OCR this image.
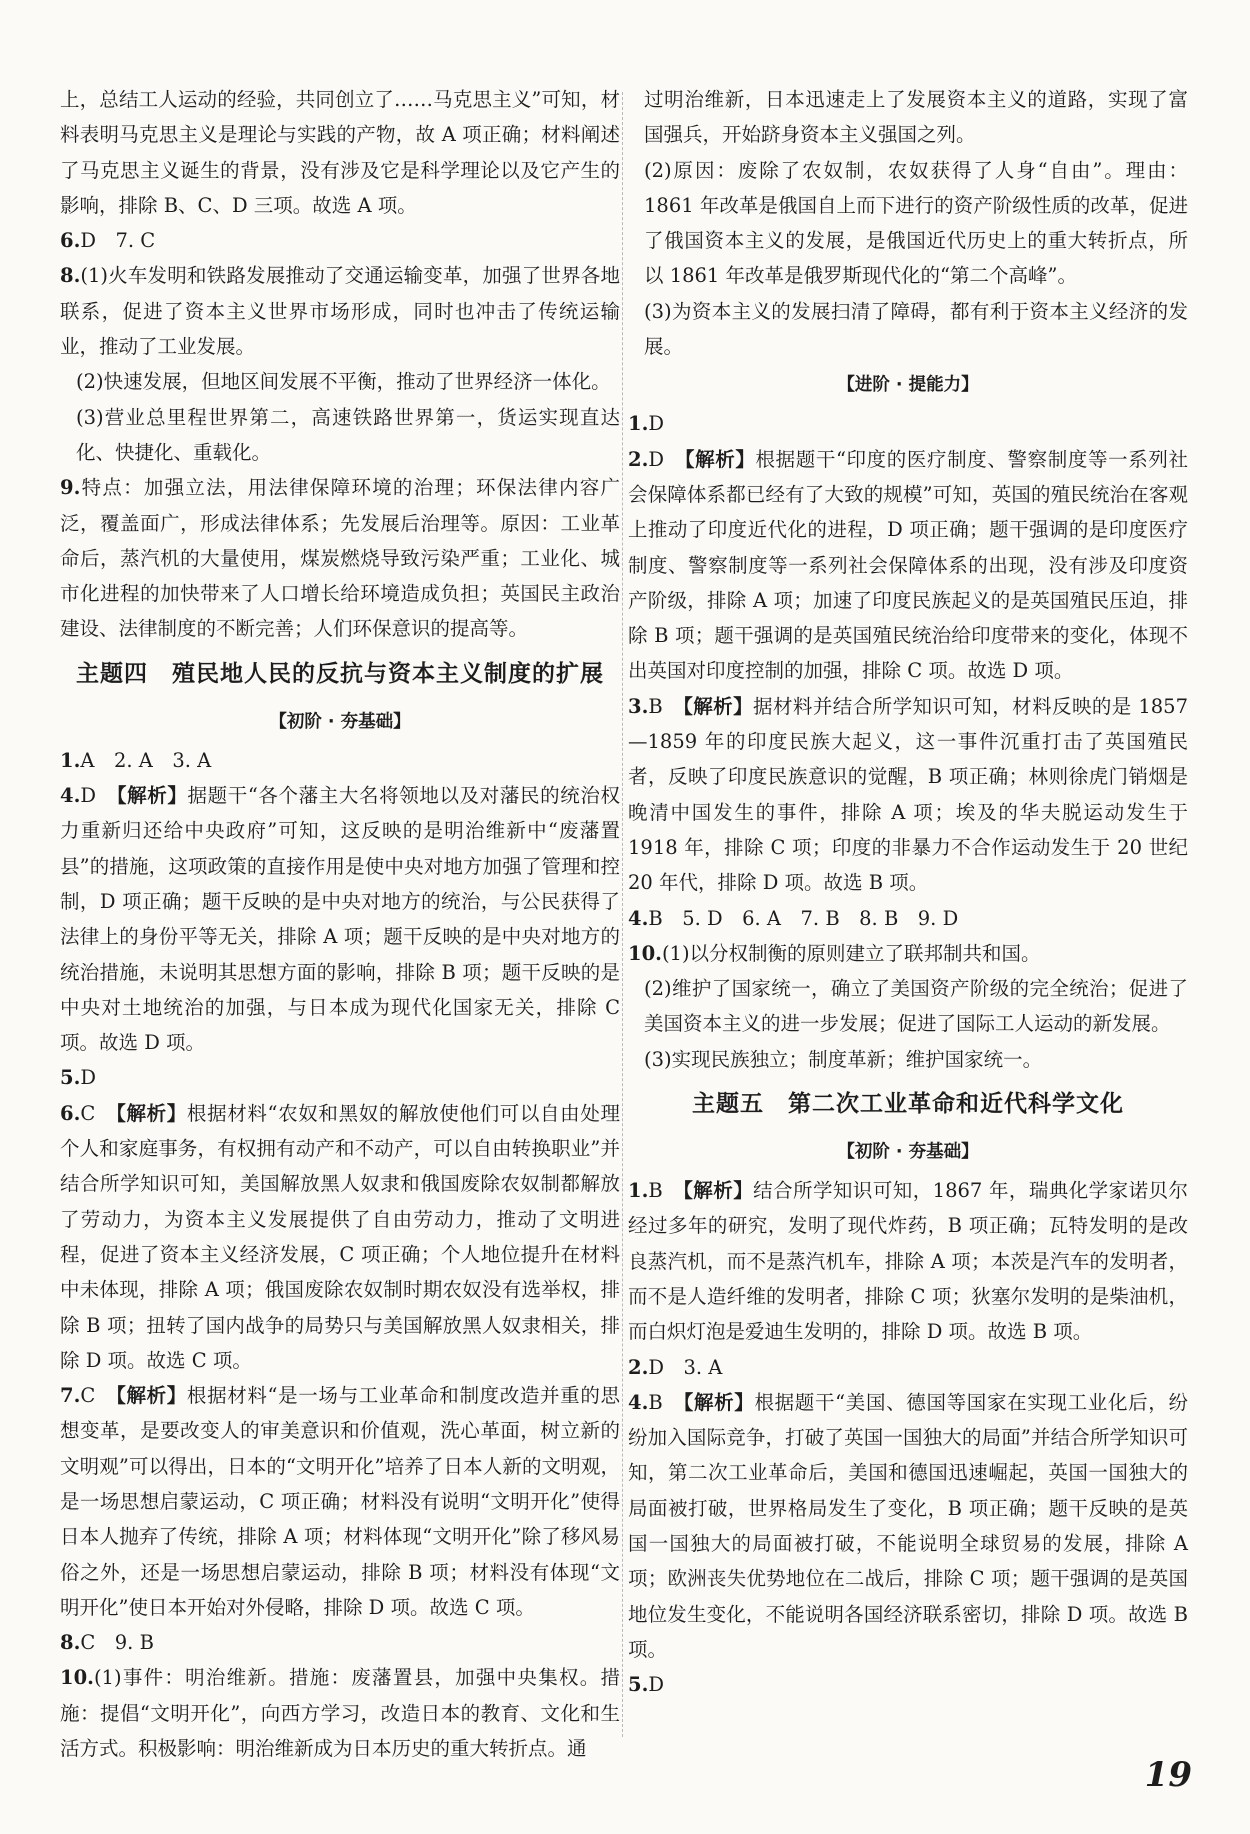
上，总结工人运动的经验，共同创立了……马克思主义”可知，材料表明马克思主义是理论与实践的产物，故 A 项正确；材料阐述了马克思主义诞生的背景，没有涉及它是科学理论以及它产生的影响，排除 B、C、D 三项。故选 A 项。

6.D　7. C

8.(1)火车发明和铁路发展推动了交通运输变革，加强了世界各地联系，促进了资本主义世界市场形成，同时也冲击了传统运输业，推动了工业发展。

(2)快速发展，但地区间发展不平衡，推动了世界经济一体化。

(3)营业总里程世界第二，高速铁路世界第一，货运实现直达化、快捷化、重载化。

9.特点：加强立法，用法律保障环境的治理；环保法律内容广泛，覆盖面广，形成法律体系；先发展后治理等。原因：工业革命后，蒸汽机的大量使用，煤炭燃烧导致污染严重；工业化、城市化进程的加快带来了人口增长给环境造成负担；英国民主政治建设、法律制度的不断完善；人们环保意识的提高等。

主题四　殖民地人民的反抗与资本主义制度的扩展
【初阶 · 夯基础】

1.A　2. A　3. A

4.D　【解析】据题干“各个藩主大名将领地以及对藩民的统治权力重新归还给中央政府”可知，这反映的是明治维新中“废藩置县”的措施，这项政策的直接作用是使中央对地方加强了管理和控制，D 项正确；题干反映的是中央对地方的统治，与公民获得了法律上的身份平等无关，排除 A 项；题干反映的是中央对地方的统治措施，未说明其思想方面的影响，排除 B 项；题干反映的是中央对土地统治的加强，与日本成为现代化国家无关，排除 C 项。故选 D 项。

5.D

6.C　【解析】根据材料“农奴和黑奴的解放使他们可以自由处理个人和家庭事务，有权拥有动产和不动产，可以自由转换职业”并结合所学知识可知，美国解放黑人奴隶和俄国废除农奴制都解放了劳动力，为资本主义发展提供了自由劳动力，推动了文明进程，促进了资本主义经济发展，C 项正确；个人地位提升在材料中未体现，排除 A 项；俄国废除农奴制时期农奴没有选举权，排除 B 项；扭转了国内战争的局势只与美国解放黑人奴隶相关，排除 D 项。故选 C 项。

7.C　【解析】根据材料“是一场与工业革命和制度改造并重的思想变革，是要改变人的审美意识和价值观，洗心革面，树立新的文明观”可以得出，日本的“文明开化”培养了日本人新的文明观，是一场思想启蒙运动，C 项正确；材料没有说明“文明开化”使得日本人抛弃了传统，排除 A 项；材料体现“文明开化”除了移风易俗之外，还是一场思想启蒙运动，排除 B 项；材料没有体现“文明开化”使日本开始对外侵略，排除 D 项。故选 C 项。

8.C　9. B

10.(1)事件：明治维新。措施：废藩置县，加强中央集权。措施：提倡“文明开化”，向西方学习，改造日本的教育、文化和生活方式。积极影响：明治维新成为日本历史的重大转折点。通

过明治维新，日本迅速走上了发展资本主义的道路，实现了富国强兵，开始跻身资本主义强国之列。

(2)原因：废除了农奴制，农奴获得了人身“自由”。理由：1861 年改革是俄国自上而下进行的资产阶级性质的改革，促进了俄国资本主义的发展，是俄国近代历史上的重大转折点，所以 1861 年改革是俄罗斯现代化的“第二个高峰”。

(3)为资本主义的发展扫清了障碍，都有利于资本主义经济的发展。

【进阶 · 提能力】

1.D

2.D　【解析】根据题干“印度的医疗制度、警察制度等一系列社会保障体系都已经有了大致的规模”可知，英国的殖民统治在客观上推动了印度近代化的进程，D 项正确；题干强调的是印度医疗制度、警察制度等一系列社会保障体系的出现，没有涉及印度资产阶级，排除 A 项；加速了印度民族起义的是英国殖民压迫，排除 B 项；题干强调的是英国殖民统治给印度带来的变化，体现不出英国对印度控制的加强，排除 C 项。故选 D 项。

3.B　【解析】据材料并结合所学知识可知，材料反映的是 1857—1859 年的印度民族大起义，这一事件沉重打击了英国殖民者，反映了印度民族意识的觉醒，B 项正确；林则徐虎门销烟是晚清中国发生的事件，排除 A 项；埃及的华夫脱运动发生于 1918 年，排除 C 项；印度的非暴力不合作运动发生于 20 世纪 20 年代，排除 D 项。故选 B 项。

4.B　5. D　6. A　7. B　8. B　9. D

10.(1)以分权制衡的原则建立了联邦制共和国。

(2)维护了国家统一，确立了美国资产阶级的完全统治；促进了美国资本主义的进一步发展；促进了国际工人运动的新发展。

(3)实现民族独立；制度革新；维护国家统一。

主题五　第二次工业革命和近代科学文化
【初阶 · 夯基础】

1.B　【解析】结合所学知识可知，1867 年，瑞典化学家诺贝尔经过多年的研究，发明了现代炸药，B 项正确；瓦特发明的是改良蒸汽机，而不是蒸汽机车，排除 A 项；本茨是汽车的发明者，而不是人造纤维的发明者，排除 C 项；狄塞尔发明的是柴油机，而白炽灯泡是爱迪生发明的，排除 D 项。故选 B 项。

2.D　3. A

4.B　【解析】根据题干“美国、德国等国家在实现工业化后，纷纷加入国际竞争，打破了英国一国独大的局面”并结合所学知识可知，第二次工业革命后，美国和德国迅速崛起，英国一国独大的局面被打破，世界格局发生了变化，B 项正确；题干反映的是英国一国独大的局面被打破，不能说明全球贸易的发展，排除 A 项；欧洲丧失优势地位在二战后，排除 C 项；题干强调的是英国地位发生变化，不能说明各国经济联系密切，排除 D 项。故选 B 项。

5.D

19
